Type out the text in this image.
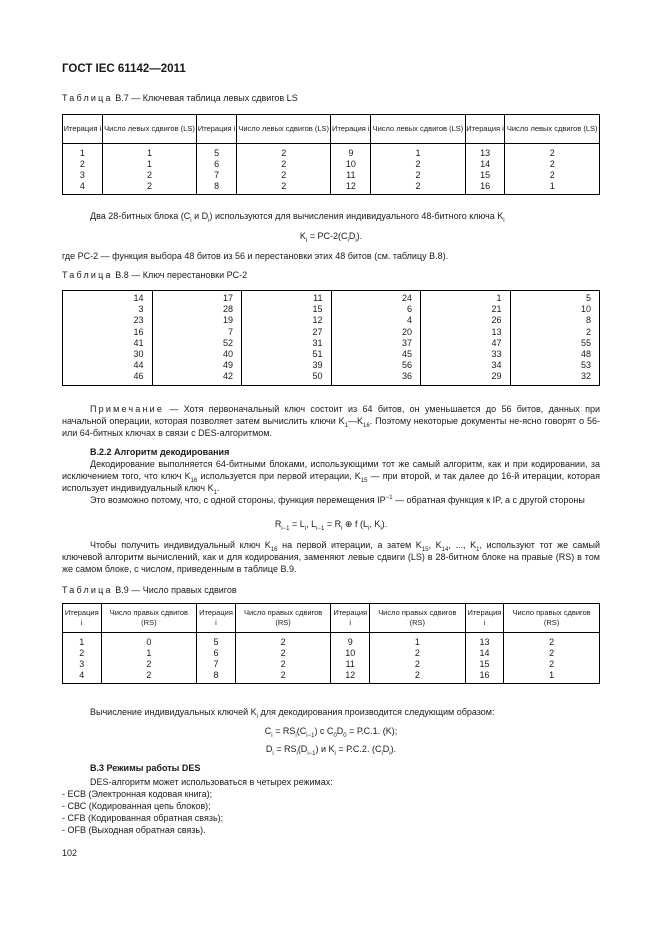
ГОСТ IEC 61142—2011
Таблица В.7 — Ключевая таблица левых сдвигов LS
Итерация i	Число левых сдвигов (LS)	Итерация i	Число левых сдвигов (LS)	Итерация i	Число левых сдвигов (LS)	Итерация i	Число левых сдвигов (LS)
1	1	5	2	9	1	13	2
2	1	6	2	10	2	14	2
3	2	7	2	11	2	15	2
4	2	8	2	12	2	16	1
Два 28-битных блока ($C_i$ и $D_i$) используются для вычисления индивидуального 48-битного ключа $K_i$
$K_i = PC-2(C_iD_i)$.
где PC-2 — функция выбора 48 битов из 56 и перестановки этих 48 битов (см. таблицу В.8).
Таблица В.8 — Ключ перестановки PC-2
14	17	11	24	1	5
3	28	15	6	21	10
23	19	12	4	26	8
16	7	27	20	13	2
41	52	31	37	47	55
30	40	51	45	33	48
44	49	39	56	34	53
46	42	50	36	29	32
Примечание — Хотя первоначальный ключ состоит из 64 битов, он уменьшается до 56 битов, данных при начальной операции, которая позволяет затем вычислить ключи $K_1—K_{16}$. Поэтому некоторые документы не-ясно говорят о 56- или 64-битных ключах в связи с DES-алгоритмом.
В.2.2 Алгоритм декодирования
Декодирование выполняется 64-битными блоками, использующими тот же самый алгоритм, как и при кодировании, за исключением того, что ключ $K_{16}$ используется при первой итерации, $K_{15}$ — при второй, и так далее до 16-й итерации, которая использует индивидуальный ключ $K_1$.
Это возможно потому, что, с одной стороны, функция перемещения $IP^{-1}$ — обратная функция к IP, а с другой стороны
$R_{i-1} = L_i$, $L_{i-1} = R_i$ ⊕ f ($L_i$, $K_i$).
Чтобы получить индивидуальный ключ $K_{16}$ на первой итерации, а затем $K_{15}$, $K_{14}$, ..., $K_1$, используют тот же самый ключевой алгоритм вычислений, как и для кодирования, заменяют левые сдвиги (LS) в 28-битном блоке на правые (RS) в том же самом блоке, с числом, приведенным в таблице В.9.
Таблица В.9 — Число правых сдвигов
Итерация i	Число правых сдвигов (RS)	Итерация i	Число правых сдвигов (RS)	Итерация i	Число правых сдвигов (RS)	Итерация i	Число правых сдвигов (RS)
1	0	5	2	9	1	13	2
2	1	6	2	10	2	14	2
3	2	7	2	11	2	15	2
4	2	8	2	12	2	16	1
Вычисление индивидуальных ключей $K_i$ для декодирования производится следующим образом:
$C_i = RS_i(C_{i-1})$ с $C_0D_0 = Р.С.1$. (K);
$D_i = RS_i(D_{i-1})$ и $K_i = Р.С.2$. $(C_iD_i)$.
В.3 Режимы работы DES
DES-алгоритм может использоваться в четырех режимах:
- ЕСВ (Электронная кодовая книга);
- СВС (Кодированная цепь блоков);
- CFB (Кодированная обратная связь);
- OFB (Выходная обратная связь).
102
